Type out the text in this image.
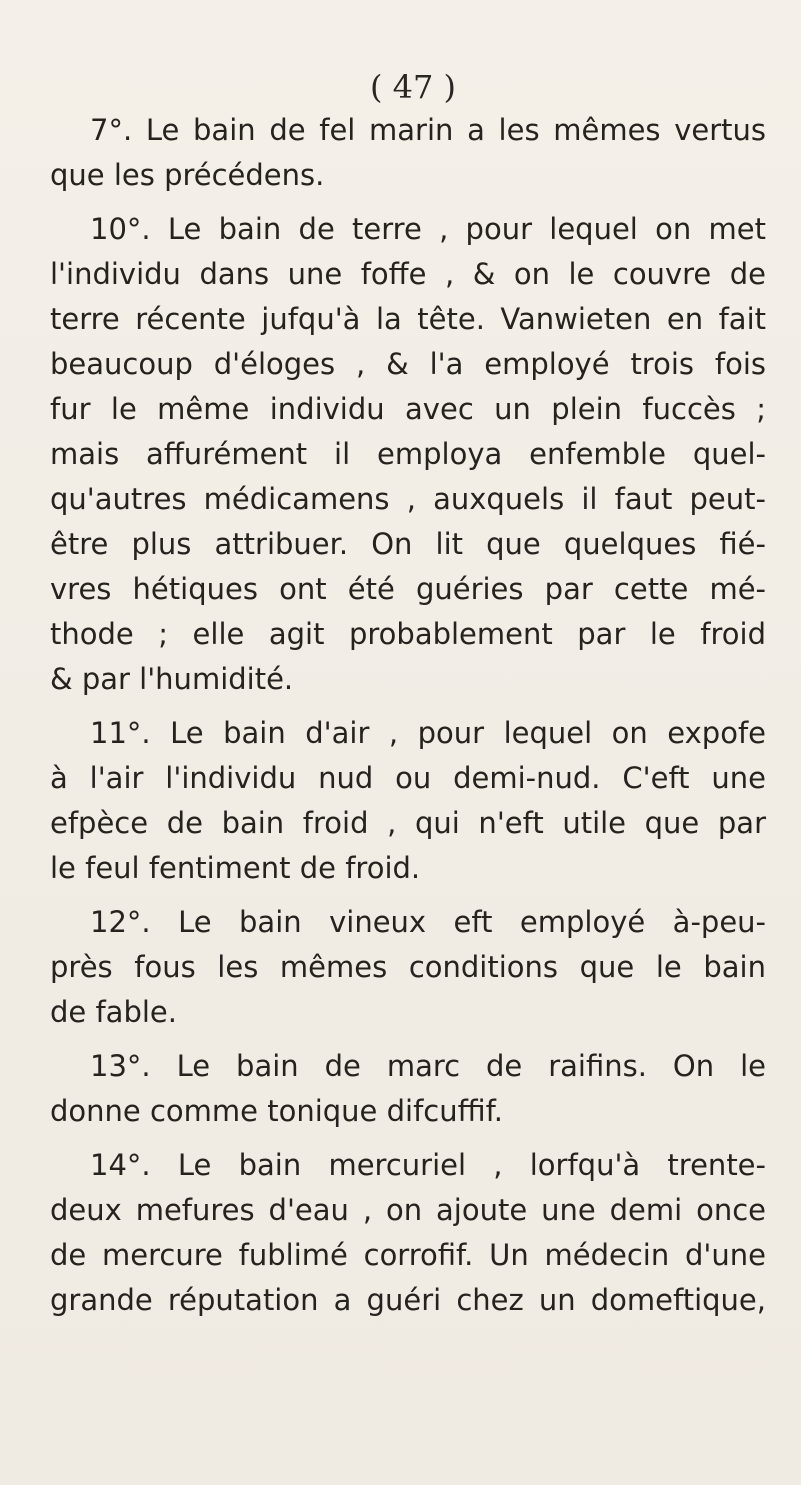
( 47 )
7°. Le bain de fel marin a les mêmes vertus
que les précédens.
10°. Le bain de terre , pour lequel on met
l'individu dans une foffe , & on le couvre de
terre récente jufqu'à la tête. Vanwieten en fait
beaucoup d'éloges , & l'a employé trois fois
fur le même individu avec un plein fuccès ;
mais affurément il employa enfemble quel-
qu'autres médicamens , auxquels il faut peut-
être plus attribuer. On lit que quelques fié-
vres hétiques ont été guéries par cette mé-
thode ; elle agit probablement par le froid
& par l'humidité.
11°. Le bain d'air , pour lequel on expofe
à l'air l'individu nud ou demi-nud. C'eft une
efpèce de bain froid , qui n'eft utile que par
le feul fentiment de froid.
12°. Le bain vineux eft employé à-peu-
près fous les mêmes conditions que le bain
de fable.
13°. Le bain de marc de raifins. On le
donne comme tonique difcuffif.
14°. Le bain mercuriel , lorfqu'à trente-
deux mefures d'eau , on ajoute une demi once
de mercure fublimé corrofif. Un médecin d'une
grande réputation a guéri chez un domeftique,
